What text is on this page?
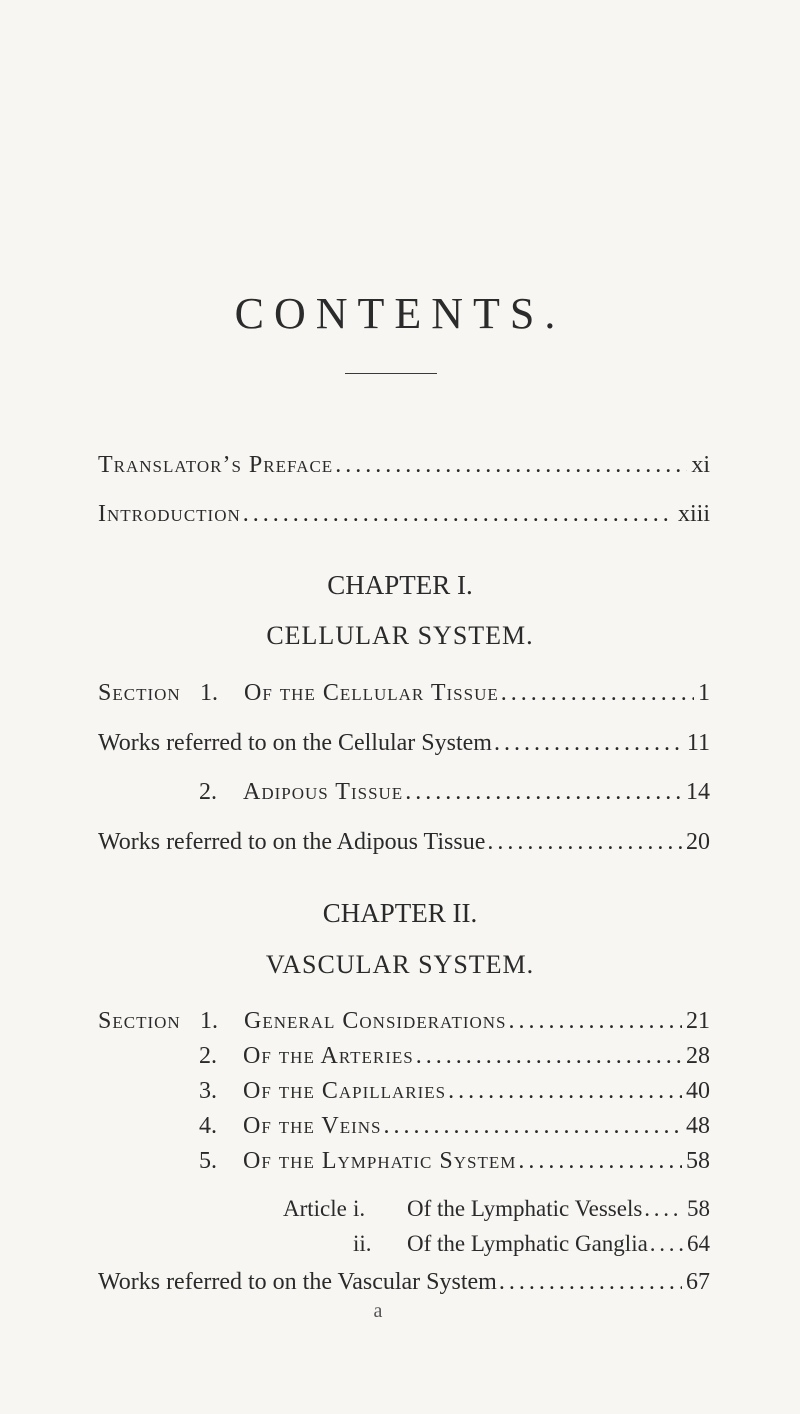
CONTENTS.
Translator’s Preface . . .	xi
Introduction . . .	xiii
CHAPTER I.
CELLULAR SYSTEM.
Section 1. Of the Cellular Tissue . . .	1
Works referred to on the Cellular System . . .	11
2. Adipous Tissue . . .	14
Works referred to on the Adipous Tissue . . .	20
CHAPTER II.
VASCULAR SYSTEM.
Section 1. General Considerations . . .	21
2. Of the Arteries . . .	28
3. Of the Capillaries . . .	40
4. Of the Veins . . .	48
5. Of the Lymphatic System . . .	58
Article i. Of the Lymphatic Vessels . . . 58
ii. Of the Lymphatic Ganglia . . . 64
Works referred to on the Vascular System . . .	67
a
